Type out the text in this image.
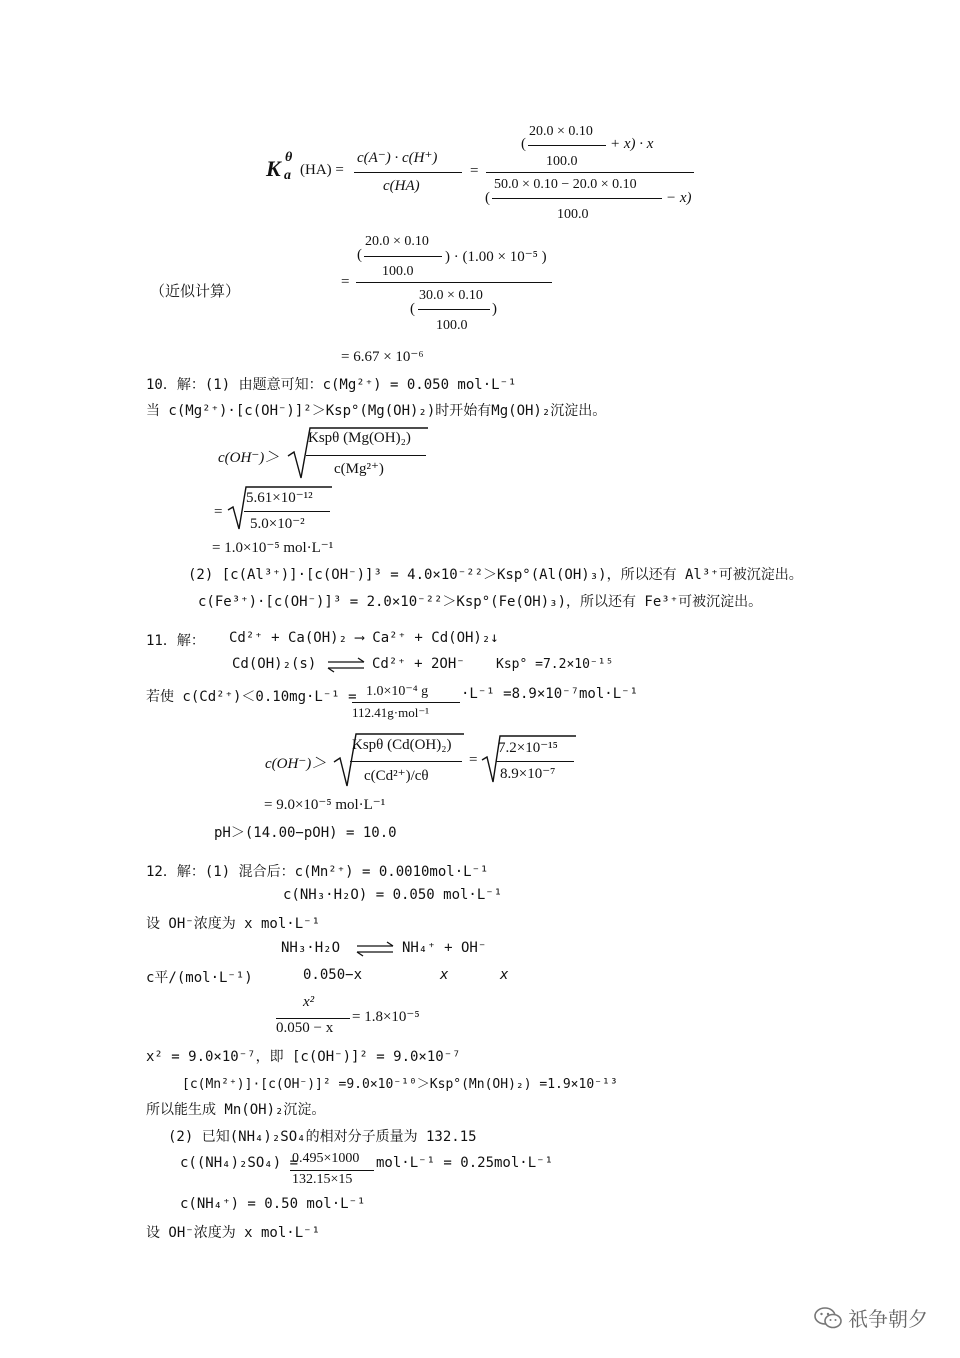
K θ
a (HA) =
c(A⁻) · c(H⁺)
c(HA)
=
(
20.0 × 0.10
100.0
+ x) · x
(
50.0 × 0.10 − 20.0 × 0.10
100.0
− x)
（近似计算）	=
(
20.0 × 0.10
100.0
) · (1.00 × 10⁻⁵ )
(
30.0 × 0.10
100.0
)
= 6.67 × 10⁻⁶
10．解：(1) 由题意可知：c(Mg²⁺) = 0.050 mol·L⁻¹
当 c(Mg²⁺)·[c(OH⁻)]²＞Ksp°(Mg(OH)₂)时开始有Mg(OH)₂沉淀出。
c(OH⁻)＞
Kspθ (Mg(OH)₂)
c(Mg²⁺)
=
5.61×10⁻¹²
5.0×10⁻²
= 1.0×10⁻⁵ mol·L⁻¹
(2) [c(Al³⁺)]·[c(OH⁻)]³ = 4.0×10⁻²²＞Ksp°(Al(OH)₃)，所以还有 Al³⁺可被沉淀出。
c(Fe³⁺)·[c(OH⁻)]³ = 2.0×10⁻²²＞Ksp°(Fe(OH)₃)，所以还有 Fe³⁺可被沉淀出。
11．解： Cd²⁺ + Ca(OH)₂ ⟶ Ca²⁺ + Cd(OH)₂↓
Cd(OH)₂(s) ⇌ Cd²⁺ + 2OH⁻ Ksp° =7.2×10⁻¹⁵
若使 c(Cd²⁺)＜0.10mg·L⁻¹ = 1.0×10⁻⁴ g
112.41g·mol⁻¹
·L⁻¹ =8.9×10⁻⁷mol·L⁻¹
c(OH⁻)＞
Kspθ (Cd(OH)₂)
c(Cd²⁺)/cθ
=
7.2×10⁻¹⁵
8.9×10⁻⁷
= 9.0×10⁻⁵ mol·L⁻¹
pH＞(14.00−pOH) = 10.0
12．解：(1) 混合后：c(Mn²⁺) = 0.0010mol·L⁻¹
c(NH₃·H₂O) = 0.050 mol·L⁻¹
设 OH⁻浓度为 x mol·L⁻¹
NH₃·H₂O ⇌ NH₄⁺ + OH⁻
c平/(mol·L⁻¹)	0.050−x	x	x
x²
0.050 − x
= 1.8×10⁻⁵
x² = 9.0×10⁻⁷，即 [c(OH⁻)]² = 9.0×10⁻⁷
[c(Mn²⁺)]·[c(OH⁻)]² =9.0×10⁻¹⁰＞Ksp°(Mn(OH)₂) =1.9×10⁻¹³
所以能生成 Mn(OH)₂沉淀。
(2) 已知(NH₄)₂SO₄的相对分子质量为 132.15
c((NH₄)₂SO₄) =
0.495×1000
132.15×15
mol·L⁻¹ = 0.25mol·L⁻¹
c(NH₄⁺) = 0.50 mol·L⁻¹
设 OH⁻浓度为 x mol·L⁻¹
祇争朝夕
